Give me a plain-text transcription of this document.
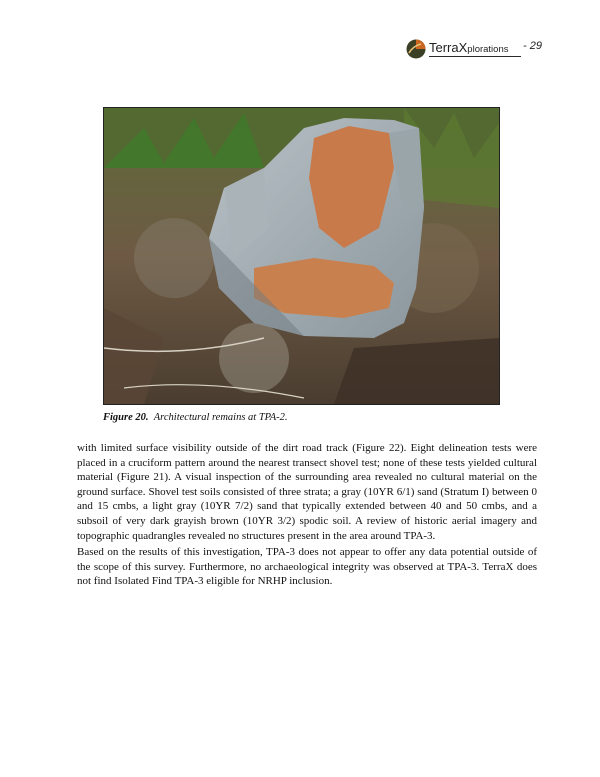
TerraXplorations - 29
Figure 20. Architectural remains at TPA-2.
with limited surface visibility outside of the dirt road track (Figure 22). Eight delineation tests were placed in a cruciform pattern around the nearest transect shovel test; none of these tests yielded cultural material (Figure 21). A visual inspection of the surrounding area revealed no cultural material on the ground surface. Shovel test soils consisted of three strata; a gray (10YR 6/1) sand (Stratum I) between 0 and 15 cmbs, a light gray (10YR 7/2) sand that typically extended between 40 and 50 cmbs, and a subsoil of very dark grayish brown (10YR 3/2) spodic soil. A review of historic aerial imagery and topographic quadrangles revealed no structures present in the area around TPA-3.
Based on the results of this investigation, TPA-3 does not appear to offer any data potential outside of the scope of this survey. Furthermore, no archaeological integrity was observed at TPA-3. TerraX does not find Isolated Find TPA-3 eligible for NRHP inclusion.
